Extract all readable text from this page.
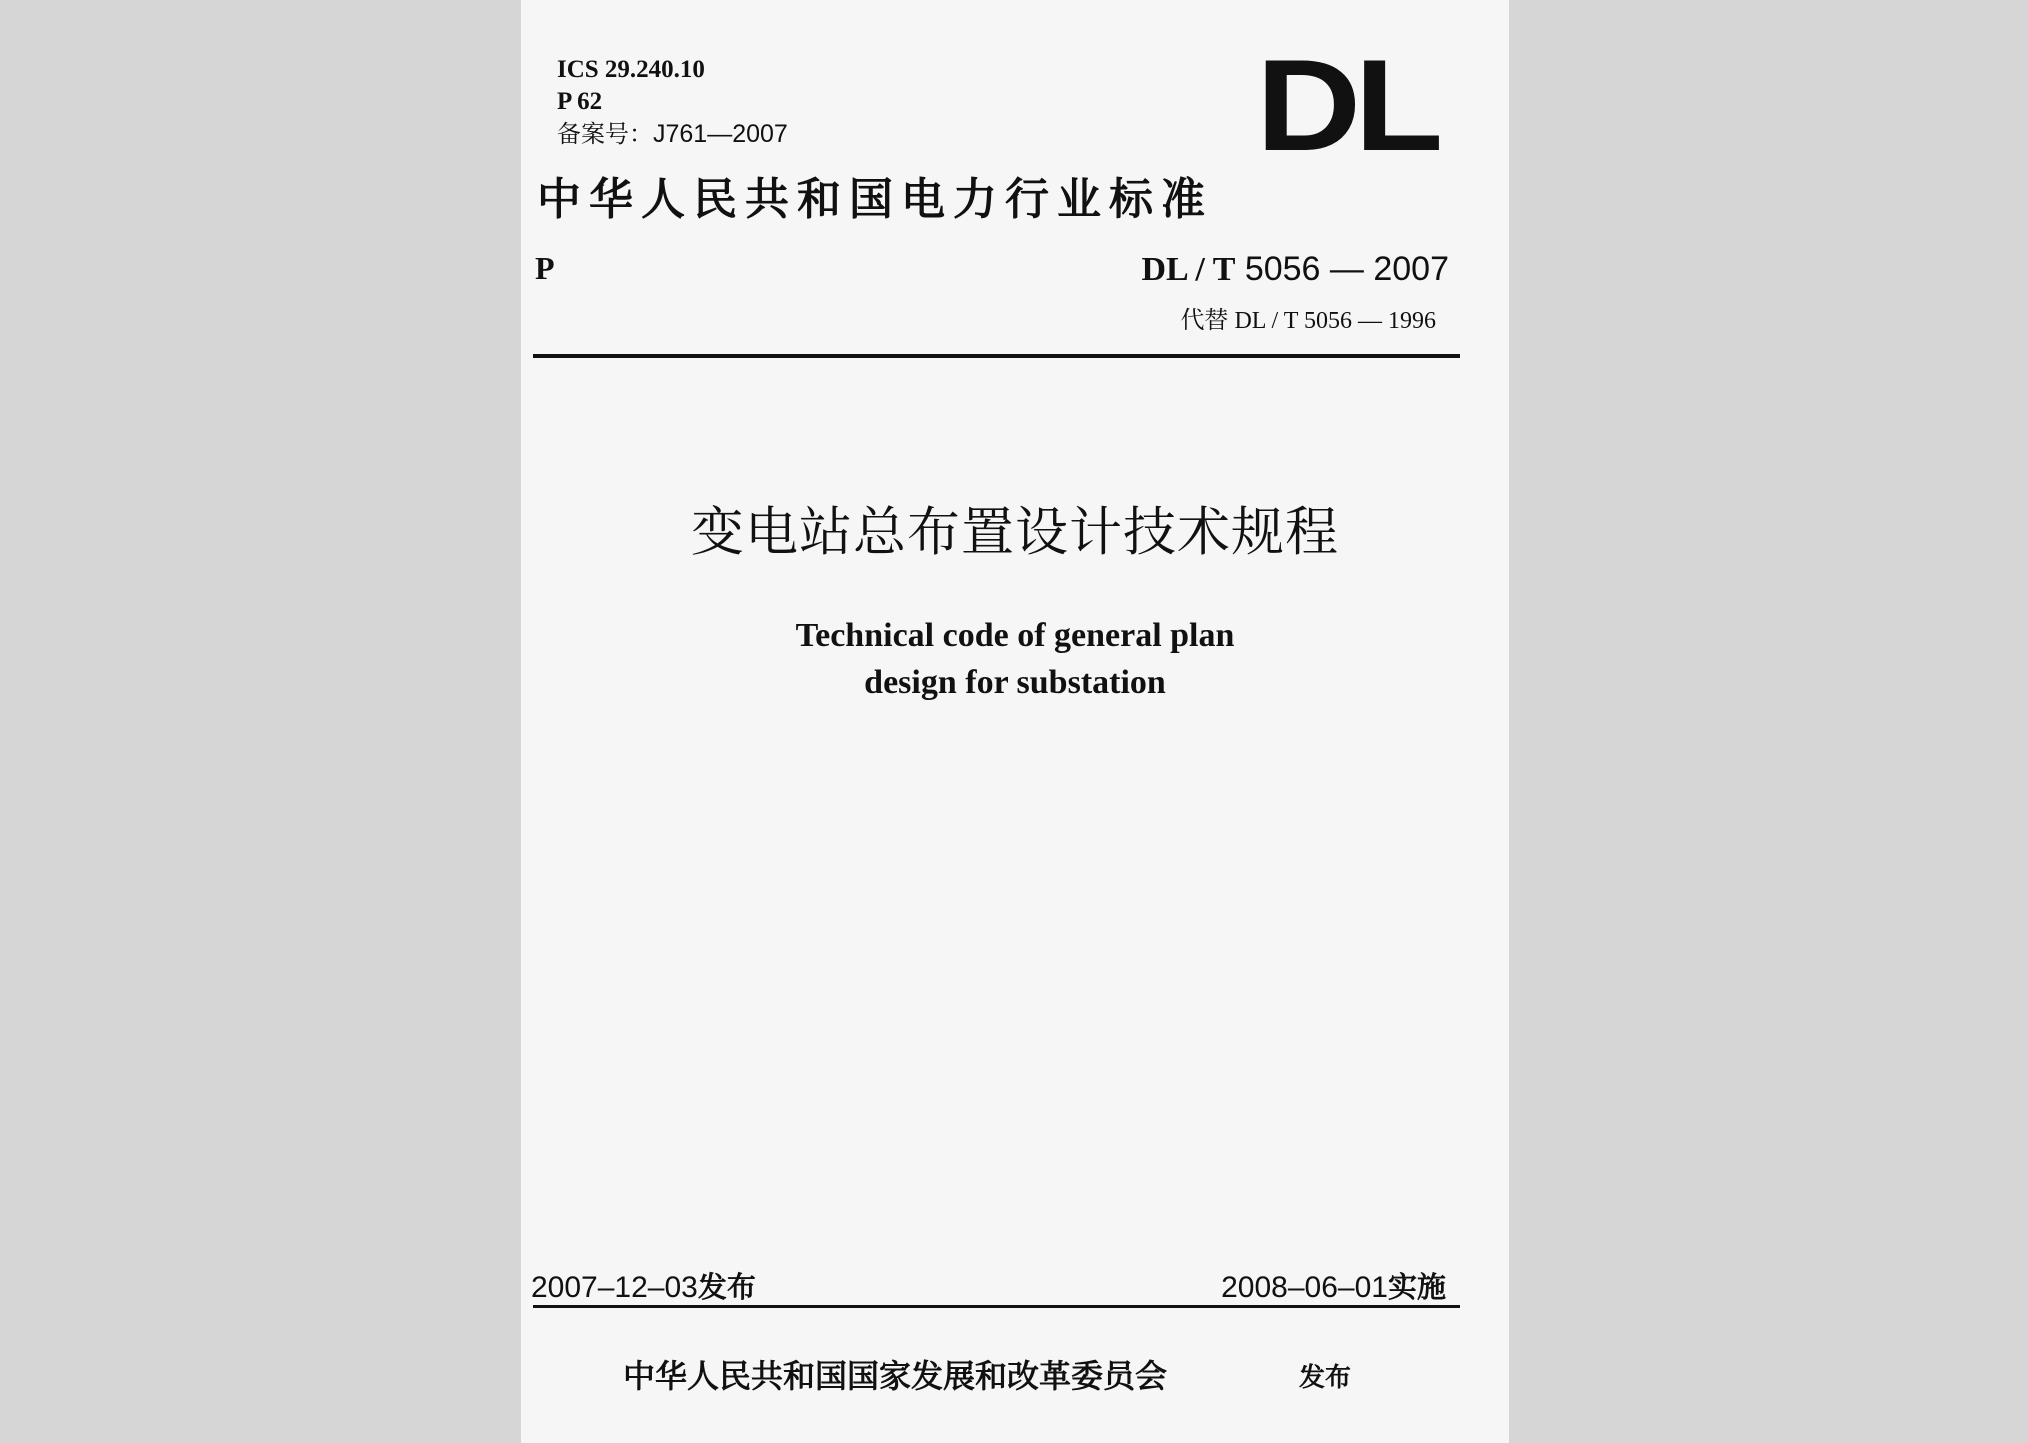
ICS 29.240.10
P 62
备案号：J761—2007	DL
中华人民共和国电力行业标准
P	DL / T 5056 — 2007
代替 DL / T 5056 — 1996
变电站总布置设计技术规程
Technical code of general plan
design for substation
2007–12–03发布	2008–06–01实施
中华人民共和国国家发展和改革委员会	发布
